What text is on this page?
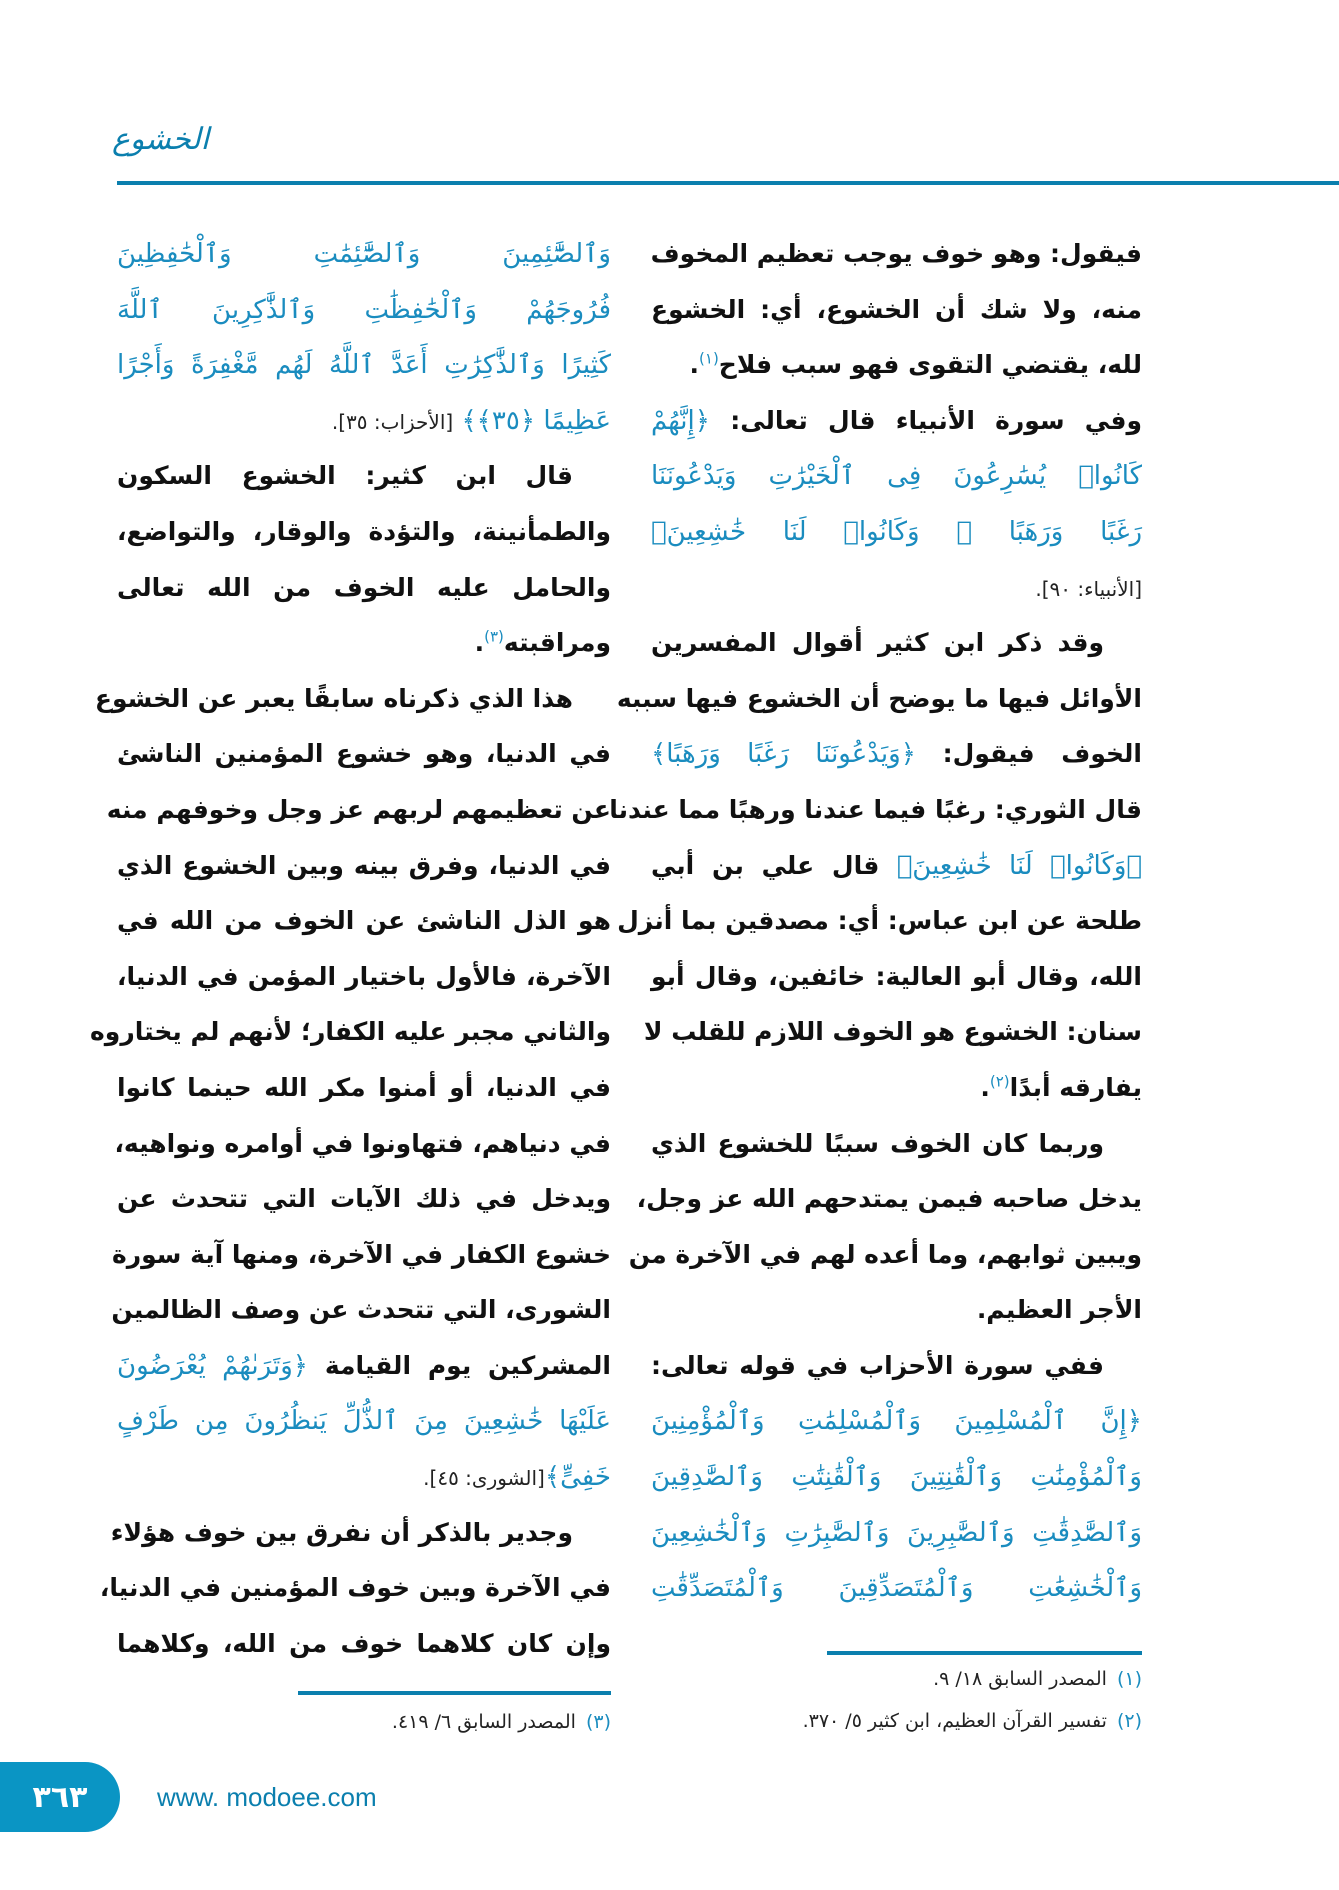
الخشوع
فيقول: وهو خوف يوجب تعظيم المخوف
منه، ولا شك أن الخشوع، أي: الخشوع
لله، يقتضي التقوى فهو سبب فلاح$^{(١)}$.
وفي سورة الأنبياء قال تعالى: ﴿إِنَّهُمْ
كَانُوا۟ يُسَٰرِعُونَ فِى ٱلْخَيْرَٰتِ وَيَدْعُونَنَا
رَغَبًا وَرَهَبًا ۖ وَكَانُوا۟ لَنَا خَٰشِعِينَ﴾
[الأنبياء: ٩٠].
وقد ذكر ابن كثير أقوال المفسرين
الأوائل فيها ما يوضح أن الخشوع فيها سببه
الخوف فيقول: ﴿وَيَدْعُونَنَا رَغَبًا وَرَهَبًا﴾
قال الثوري: رغبًا فيما عندنا ورهبًا مما عندنا
﴿وَكَانُوا۟ لَنَا خَٰشِعِينَ﴾ قال علي بن أبي
طلحة عن ابن عباس: أي: مصدقين بما أنزل
الله، وقال أبو العالية: خائفين، وقال أبو
سنان: الخشوع هو الخوف اللازم للقلب لا
يفارقه أبدًا$^{(٢)}$.
وربما كان الخوف سببًا للخشوع الذي
يدخل صاحبه فيمن يمتدحهم الله عز وجل،
ويبين ثوابهم، وما أعده لهم في الآخرة من
الأجر العظيم.
ففي سورة الأحزاب في قوله تعالى:
﴿إِنَّ ٱلْمُسْلِمِينَ وَٱلْمُسْلِمَٰتِ وَٱلْمُؤْمِنِينَ
وَٱلْمُؤْمِنَٰتِ وَٱلْقَٰنِتِينَ وَٱلْقَٰنِتَٰتِ وَٱلصَّٰدِقِينَ
وَٱلصَّٰدِقَٰتِ وَٱلصَّٰبِرِينَ وَٱلصَّٰبِرَٰتِ وَٱلْخَٰشِعِينَ
وَٱلْخَٰشِعَٰتِ وَٱلْمُتَصَدِّقِينَ وَٱلْمُتَصَدِّقَٰتِ
وَٱلصَّٰٓئِمِينَ وَٱلصَّٰٓئِمَٰتِ وَٱلْحَٰفِظِينَ
فُرُوجَهُمْ وَٱلْحَٰفِظَٰتِ وَٱلذَّٰكِرِينَ ٱللَّهَ
كَثِيرًا وَٱلذَّٰكِرَٰتِ أَعَدَّ ٱللَّهُ لَهُم مَّغْفِرَةً وَأَجْرًا
عَظِيمًا ﴿٣٥﴾﴾ [الأحزاب: ٣٥].
قال ابن كثير: الخشوع السكون
والطمأنينة، والتؤدة والوقار، والتواضع،
والحامل عليه الخوف من الله تعالى
ومراقبته$^{(٣)}$.
هذا الذي ذكرناه سابقًا يعبر عن الخشوع
في الدنيا، وهو خشوع المؤمنين الناشئ
عن تعظيمهم لربهم عز وجل وخوفهم منه
في الدنيا، وفرق بينه وبين الخشوع الذي
هو الذل الناشئ عن الخوف من الله في
الآخرة، فالأول باختيار المؤمن في الدنيا،
والثاني مجبر عليه الكفار؛ لأنهم لم يختاروه
في الدنيا، أو أمنوا مكر الله حينما كانوا
في دنياهم، فتهاونوا في أوامره ونواهيه،
ويدخل في ذلك الآيات التي تتحدث عن
خشوع الكفار في الآخرة، ومنها آية سورة
الشورى، التي تتحدث عن وصف الظالمين
المشركين يوم القيامة ﴿وَتَرَىٰهُمْ يُعْرَضُونَ
عَلَيْهَا خَٰشِعِينَ مِنَ ٱلذُّلِّ يَنظُرُونَ مِن طَرْفٍ
خَفِىٍّ﴾[الشورى: ٤٥].
وجدير بالذكر أن نفرق بين خوف هؤلاء
في الآخرة وبين خوف المؤمنين في الدنيا،
وإن كان كلاهما خوف من الله، وكلاهما
(١)المصدر السابق ١٨/ ٩.
(٢)تفسير القرآن العظيم، ابن كثير ٥/ ٣٧٠.
(٣)المصدر السابق ٦/ ٤١٩.
٣٦٣	www. modoee.com
